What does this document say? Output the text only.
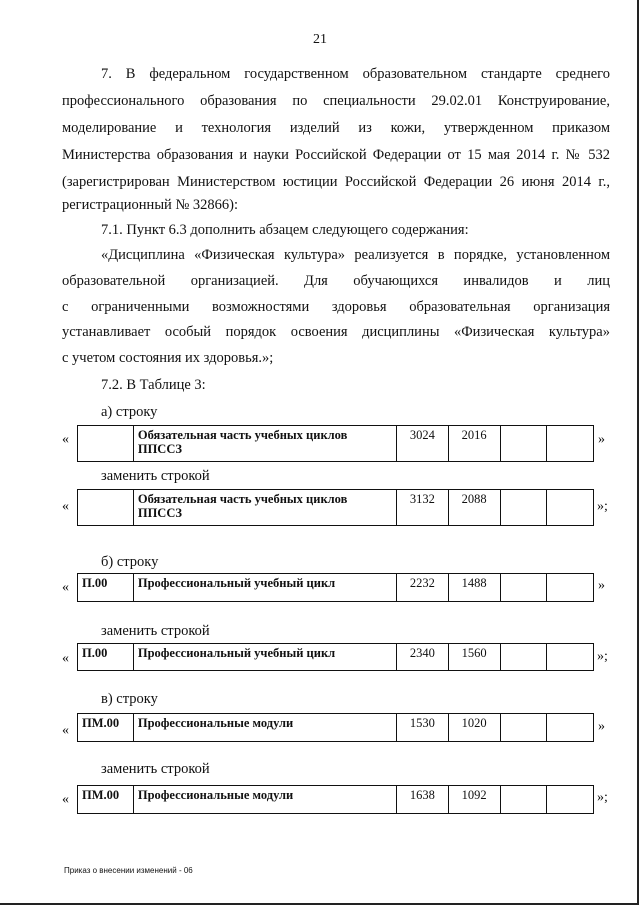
21
7. В федеральном государственном образовательном стандарте среднего
профессионального образования по специальности 29.02.01 Конструирование,
моделирование и технология изделий из кожи, утвержденном приказом
Министерства образования и науки Российской Федерации от 15 мая 2014 г. № 532
(зарегистрирован Министерством юстиции Российской Федерации 26 июня 2014 г.,
регистрационный № 32866):
7.1. Пункт 6.3 дополнить абзацем следующего содержания:
«Дисциплина «Физическая культура» реализуется в порядке, установленном
образовательной организацией. Для обучающихся инвалидов и лиц
с ограниченными возможностями здоровья образовательная организация
устанавливает особый порядок освоения дисциплины «Физическая культура»
с учетом состояния их здоровья.»;
7.2. В Таблице 3:
а) строку
«
		Обязательная часть учебных циклов ППССЗ	3024	2016			»
заменить строкой
«
		Обязательная часть учебных циклов ППССЗ	3132	2088			»;
б) строку
« П.00	Профессиональный учебный цикл	2232	1488			»
заменить строкой
« П.00	Профессиональный учебный цикл	2340	1560			»;
в) строку
« ПМ.00	Профессиональные модули	1530	1020			»
заменить строкой
« ПМ.00	Профессиональные модули	1638	1092			»;
Приказ о внесении изменений - 06
